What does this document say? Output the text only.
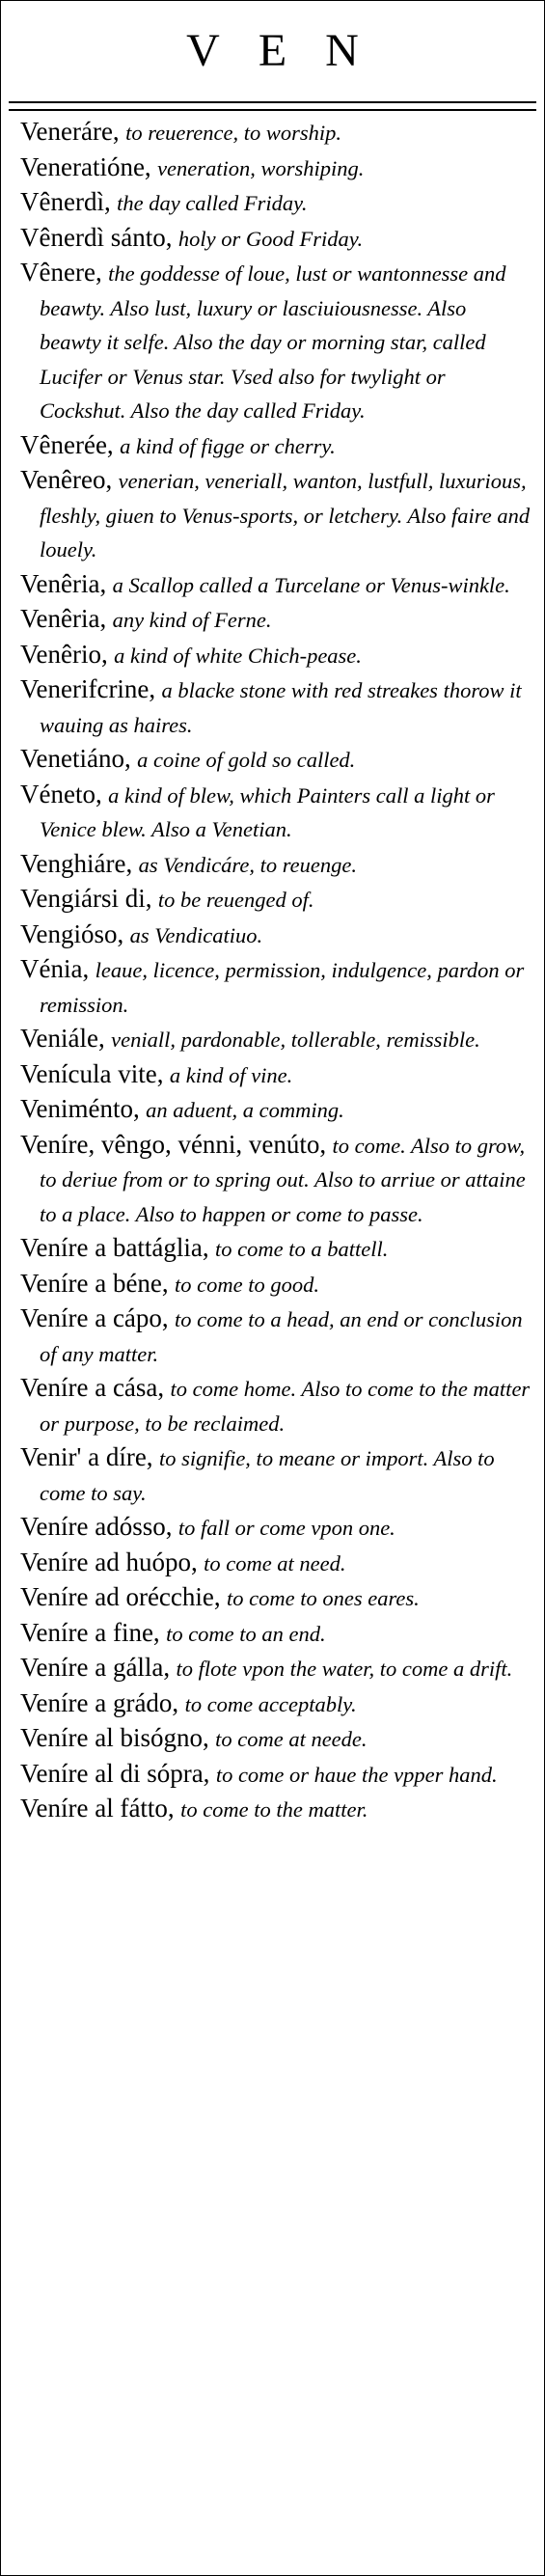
VEN
Veneráre, to reuerence, to worship.
Veneratióne, veneration, worshiping.
Vênerdì, the day called Friday.
Vênerdì sánto, holy or Good Friday.
Vênere, the goddesse of loue, lust or wantonnesse and beawty. Also lust, luxury or lasciuiousnesse. Also beawty it selfe. Also the day or morning star, called Lucifer or Venus star. Vsed also for twylight or Cockshut. Also the day called Friday.
Vênerée, a kind of figge or cherry.
Venêreo, venerian, veneriall, wanton, lustfull, luxurious, fleshly, giuen to Venus-sports, or letchery. Also faire and louely.
Venêria, a Scallop called a Turcelane or Venus-winkle.
Venêria, any kind of Ferne.
Venêrio, a kind of white Chich-pease.
Venerifcrine, a blacke stone with red streakes thorow it wauing as haires.
Venetiáno, a coine of gold so called.
Véneto, a kind of blew, which Painters call a light or Venice blew. Also a Venetian.
Venghiáre, as Vendicáre, to reuenge.
Vengiársi di, to be reuenged of.
Vengióso, as Vendicatiuo.
Vénia, leaue, licence, permission, indulgence, pardon or remission.
Veniále, veniall, pardonable, tollerable, remissible.
Venícula vite, a kind of vine.
Veniménto, an aduent, a comming.
Veníre, vêngo, vénni, venúto, to come. Also to grow, to deriue from or to spring out. Also to arriue or attaine to a place. Also to happen or come to passe.
Veníre a battáglia, to come to a battell.
Veníre a béne, to come to good.
Veníre a cápo, to come to a head, an end or conclusion of any matter.
Veníre a cása, to come home. Also to come to the matter or purpose, to be reclaimed.
Venir' a díre, to signifie, to meane or import. Also to come to say.
Veníre adósso, to fall or come vpon one.
Veníre ad huópo, to come at need.
Veníre ad orécchie, to come to ones eares.
Veníre a fine, to come to an end.
Veníre a gálla, to flote vpon the water, to come a drift.
Veníre a grádo, to come acceptably.
Veníre al bisógno, to come at neede.
Veníre al di sópra, to come or haue the vpper hand.
Veníre al fátto, to come to the matter.
